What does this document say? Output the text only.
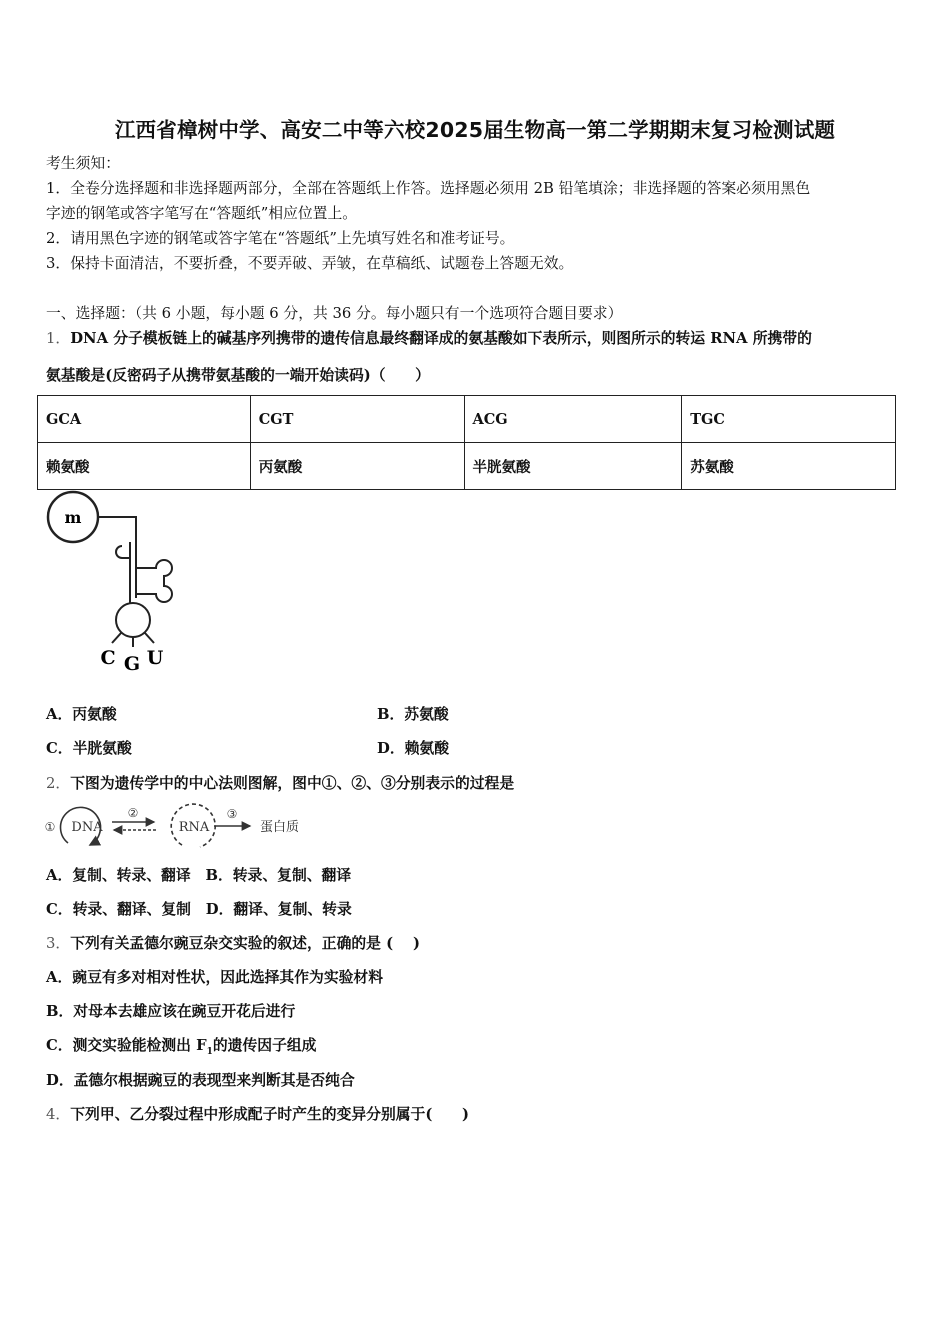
江西省樟树中学、高安二中等六校2025届生物高一第二学期期末复习检测试题
考生须知：
1．全卷分选择题和非选择题两部分，全部在答题纸上作答。选择题必须用 2B 铅笔填涂；非选择题的答案必须用黑色
字迹的钢笔或答字笔写在“答题纸”相应位置上。
2．请用黑色字迹的钢笔或答字笔在“答题纸”上先填写姓名和准考证号。
3．保持卡面清洁，不要折叠，不要弄破、弄皱，在草稿纸、试题卷上答题无效。
一、选择题：（共 6 小题，每小题 6 分，共 36 分。每小题只有一个选项符合题目要求）
1．DNA 分子模板链上的碱基序列携带的遗传信息最终翻译成的氨基酸如下表所示，则图所示的转运 RNA 所携带的
氨基酸是(反密码子从携带氨基酸的一端开始读码)（　　）
GCA	CGT	ACG	TGC
赖氨酸	丙氨酸	半胱氨酸	苏氨酸
m
C G U
A．丙氨酸	B．苏氨酸
C．半胱氨酸	D．赖氨酸
2．下图为遗传学中的中心法则图解，图中①、②、③分别表示的过程是
① DNA
②
RNA
③
蛋白质
A．复制、转录、翻译　B．转录、复制、翻译
C．转录、翻译、复制　D．翻译、复制、转录
3．下列有关孟德尔豌豆杂交实验的叙述，正确的是 (　 )
A．豌豆有多对相对性状，因此选择其作为实验材料
B．对母本去雄应该在豌豆开花后进行
C．测交实验能检测出 $F_1$的遗传因子组成
D．孟德尔根据豌豆的表现型来判断其是否纯合
4．下列甲、乙分裂过程中形成配子时产生的变异分别属于(　　)
